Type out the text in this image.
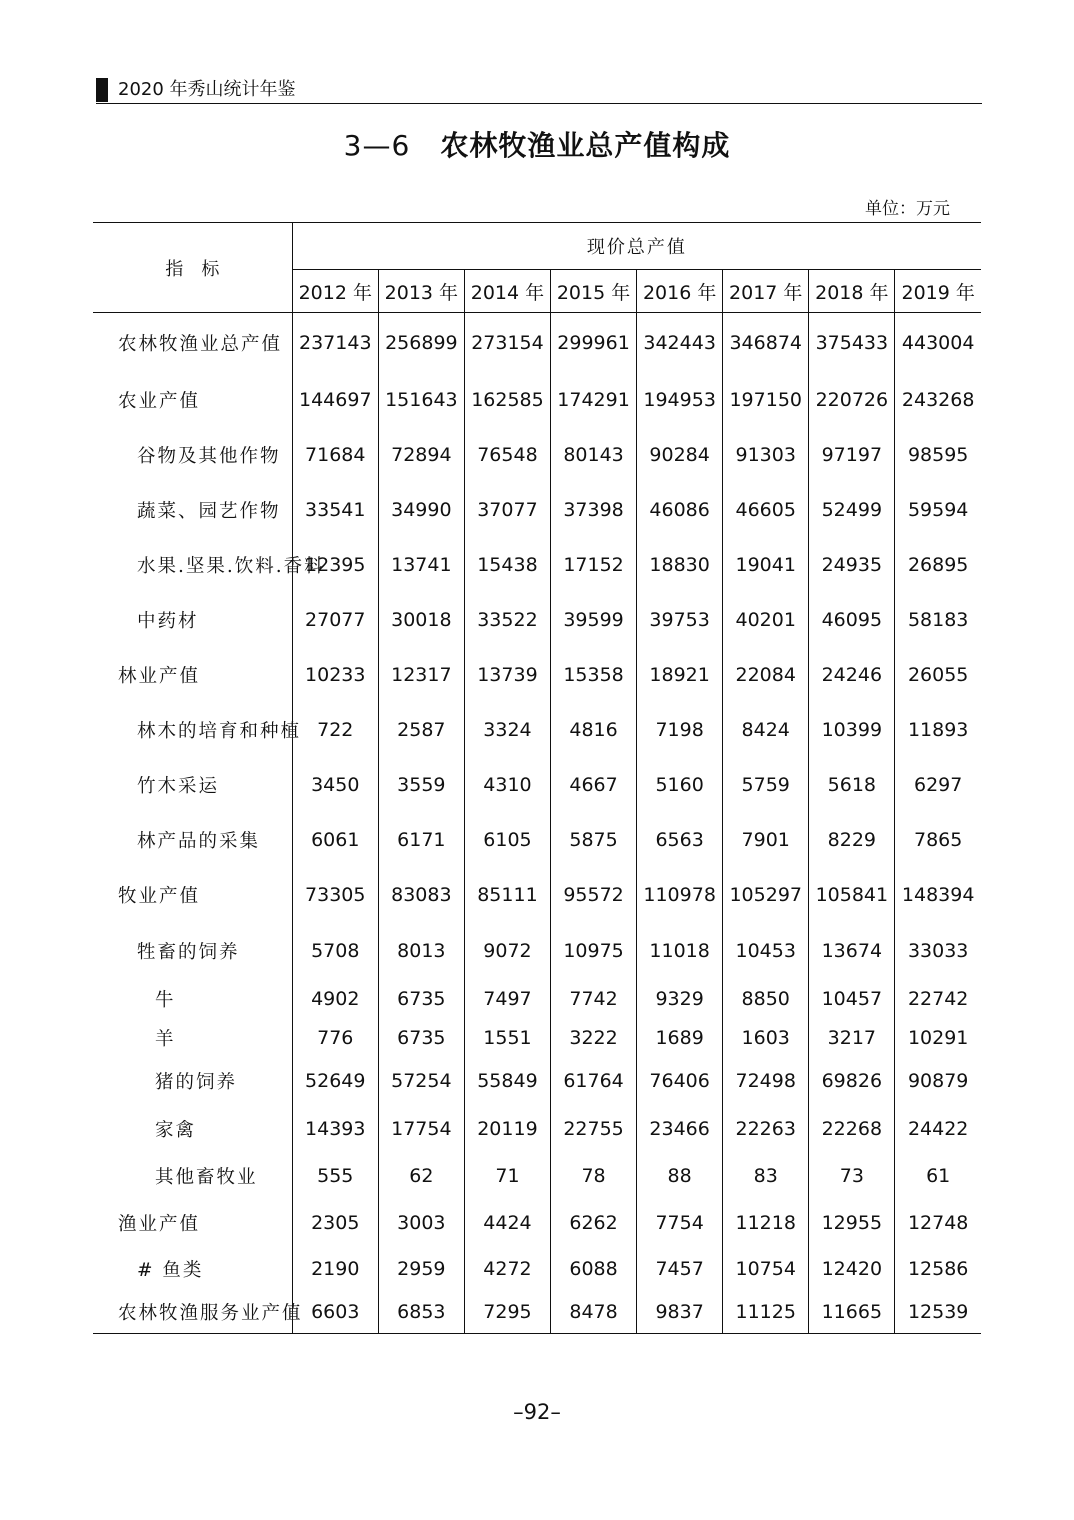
2020 年秀山统计年鉴
3—6 农林牧渔业总产值构成
单位：万元
指标	现价总产值							
	2012 年	2013 年	2014 年	2015 年	2016 年	2017 年	2018 年	2019 年
农林牧渔业总产值	237143	256899	273154	299961	342443	346874	375433	443004
农业产值	144697	151643	162585	174291	194953	197150	220726	243268
谷物及其他作物	71684	72894	76548	80143	90284	91303	97197	98595
蔬菜、园艺作物	33541	34990	37077	37398	46086	46605	52499	59594
水果.坚果.饮料.香料	12395	13741	15438	17152	18830	19041	24935	26895
中药材	27077	30018	33522	39599	39753	40201	46095	58183
林业产值	10233	12317	13739	15358	18921	22084	24246	26055
林木的培育和种植	722	2587	3324	4816	7198	8424	10399	11893
竹木采运	3450	3559	4310	4667	5160	5759	5618	6297
林产品的采集	6061	6171	6105	5875	6563	7901	8229	7865
牧业产值	73305	83083	85111	95572	110978	105297	105841	148394
牲畜的饲养	5708	8013	9072	10975	11018	10453	13674	33033
牛	4902	6735	7497	7742	9329	8850	10457	22742
羊	776	6735	1551	3222	1689	1603	3217	10291
猪的饲养	52649	57254	55849	61764	76406	72498	69826	90879
家禽	14393	17754	20119	22755	23466	22263	22268	24422
其他畜牧业	555	62	71	78	88	83	73	61
渔业产值	2305	3003	4424	6262	7754	11218	12955	12748
# 鱼类	2190	2959	4272	6088	7457	10754	12420	12586
农林牧渔服务业产值	6603	6853	7295	8478	9837	11125	11665	12539
–92–
